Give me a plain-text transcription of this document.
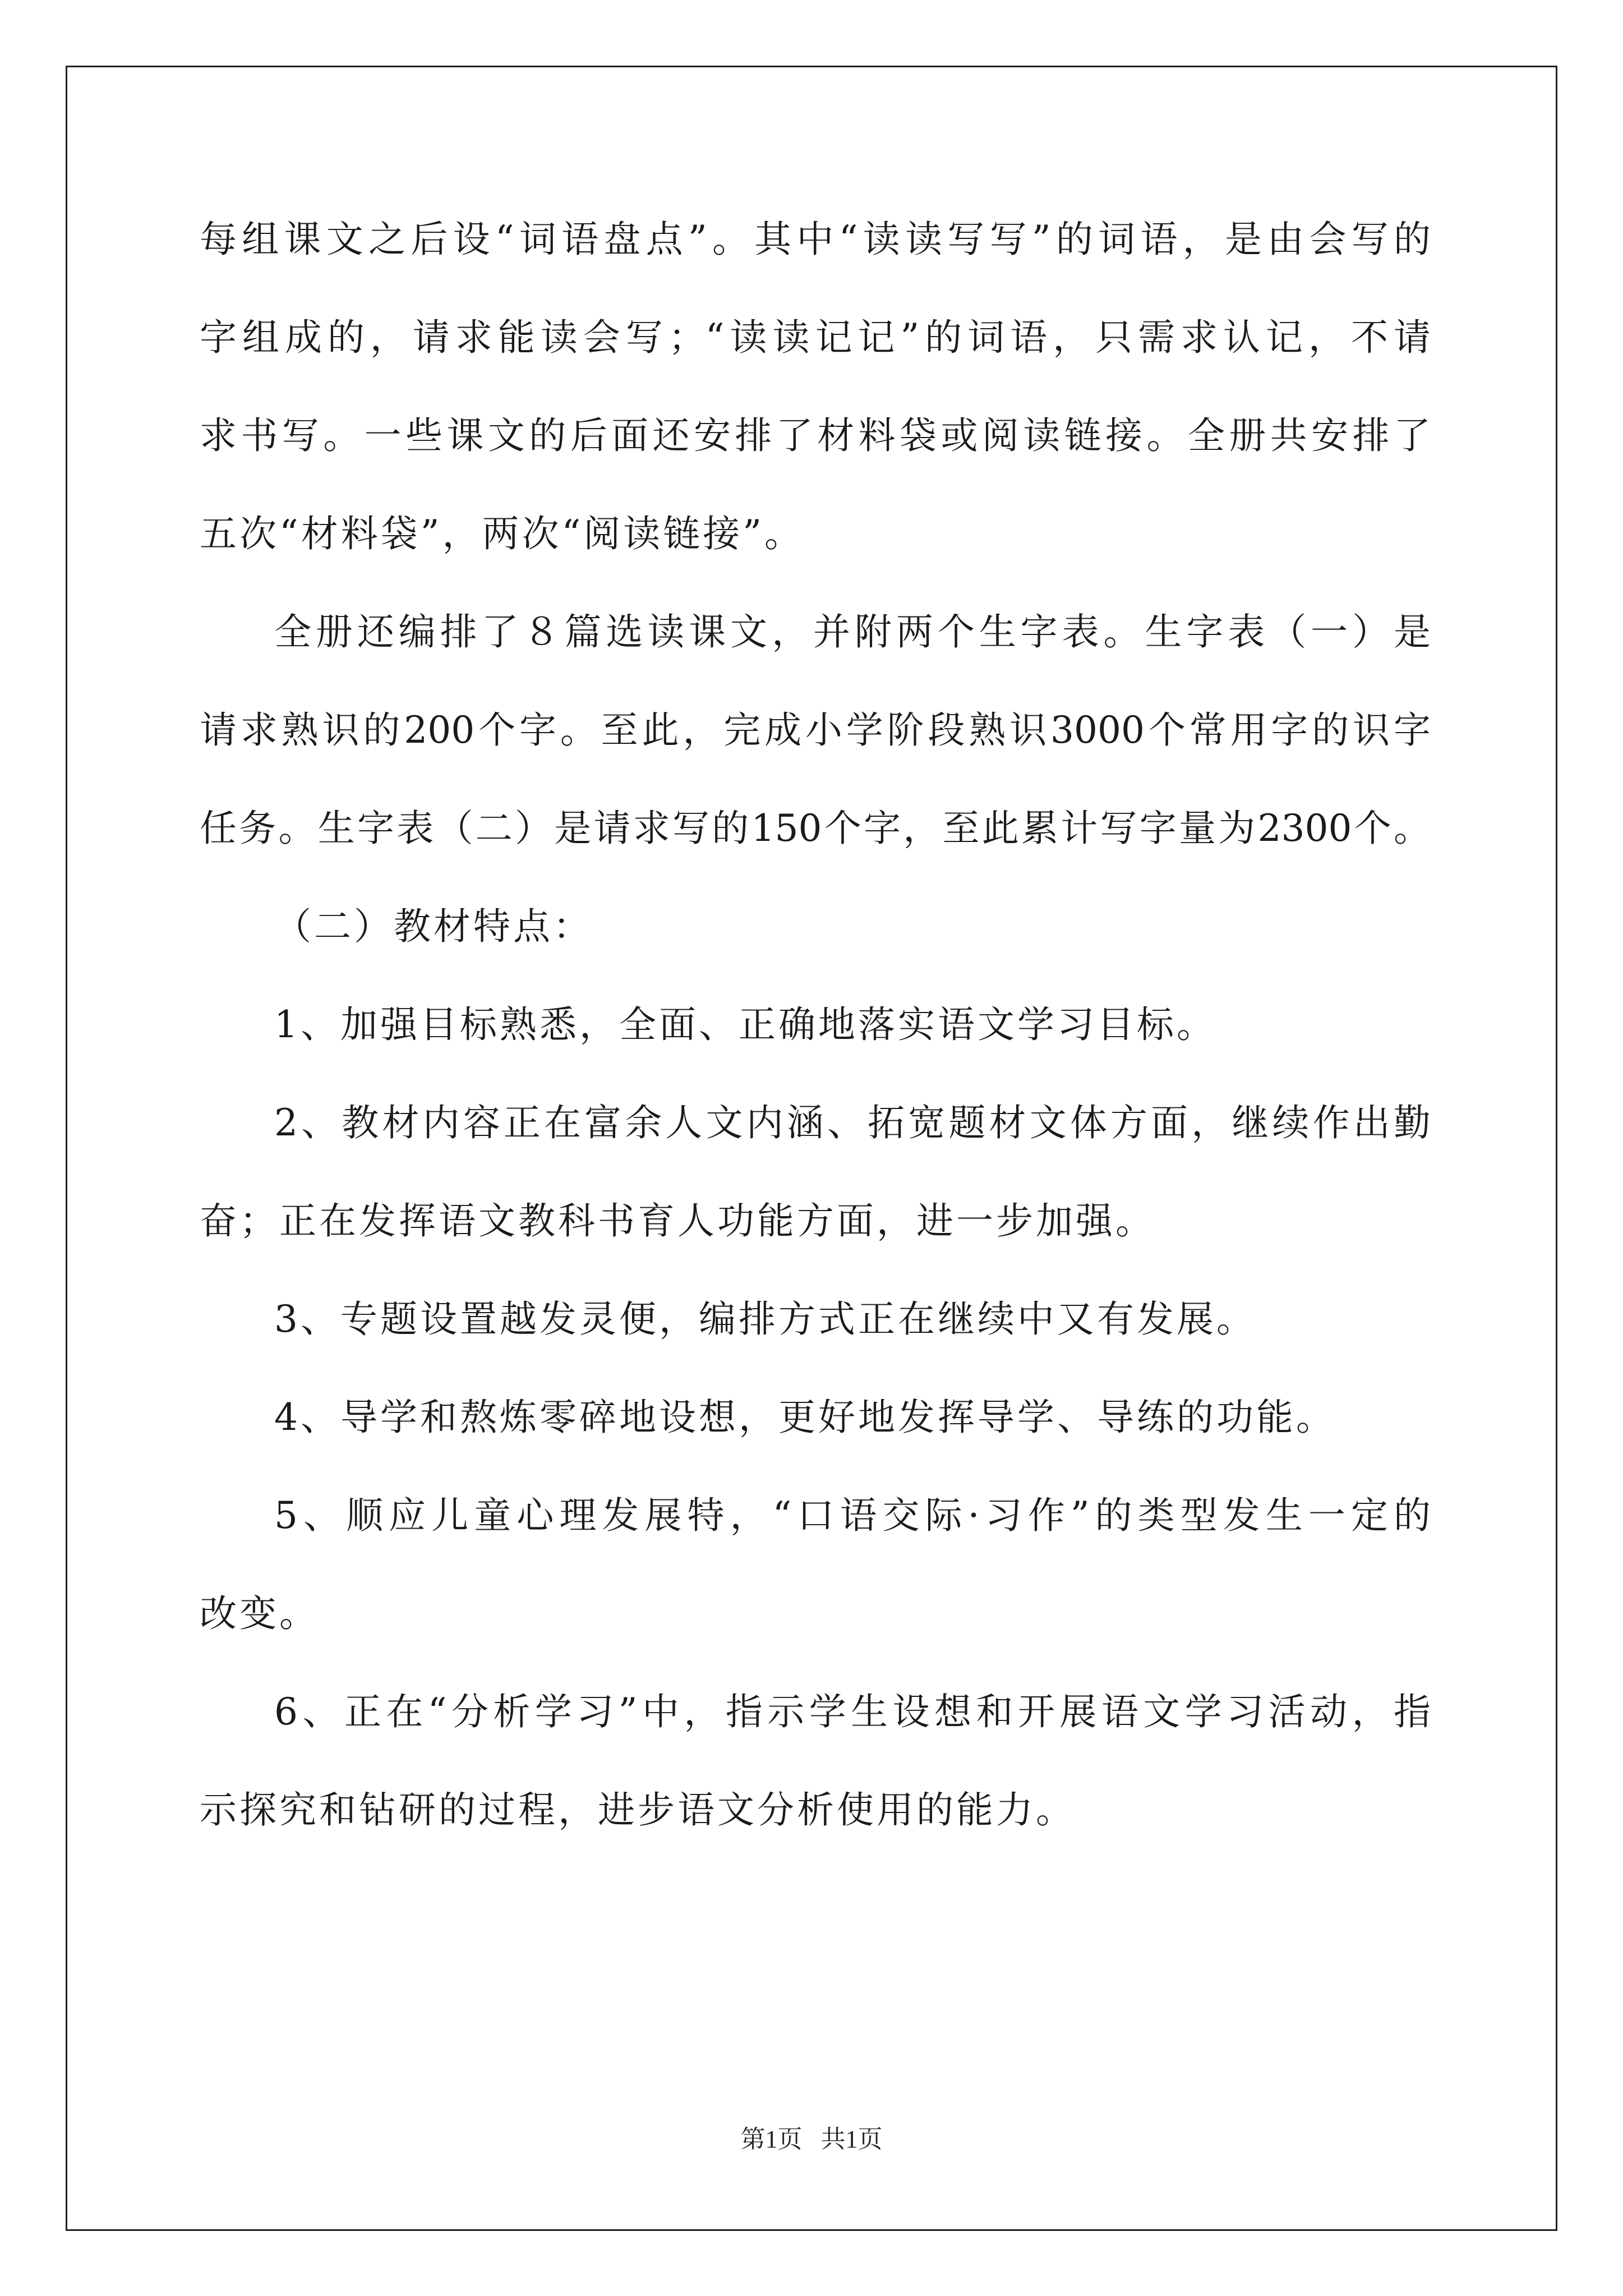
每组课文之后设“词语盘点”。其中“读读写写”的词语，是由会写的
字组成的，请求能读会写；“读读记记”的词语，只需求认记，不请
求书写。一些课文的后面还安排了材料袋或阅读链接。全册共安排了
五次“材料袋”，两次“阅读链接”。
全册还编排了８篇选读课文，并附两个生字表。生字表（一）是
请求熟识的200个字。至此，完成小学阶段熟识3000个常用字的识字
任务。生字表（二）是请求写的150个字，至此累计写字量为2300个。
（二）教材特点：
1、加强目标熟悉，全面、正确地落实语文学习目标。
2、教材内容正在富余人文内涵、拓宽题材文体方面，继续作出勤
奋；正在发挥语文教科书育人功能方面，进一步加强。
3、专题设置越发灵便，编排方式正在继续中又有发展。
4、导学和熬炼零碎地设想，更好地发挥导学、导练的功能。
5、顺应儿童心理发展特，“口语交际·习作”的类型发生一定的
改变。
6、正在“分析学习”中，指示学生设想和开展语文学习活动，指
示探究和钻研的过程，进步语文分析使用的能力。
第1页   共1页
